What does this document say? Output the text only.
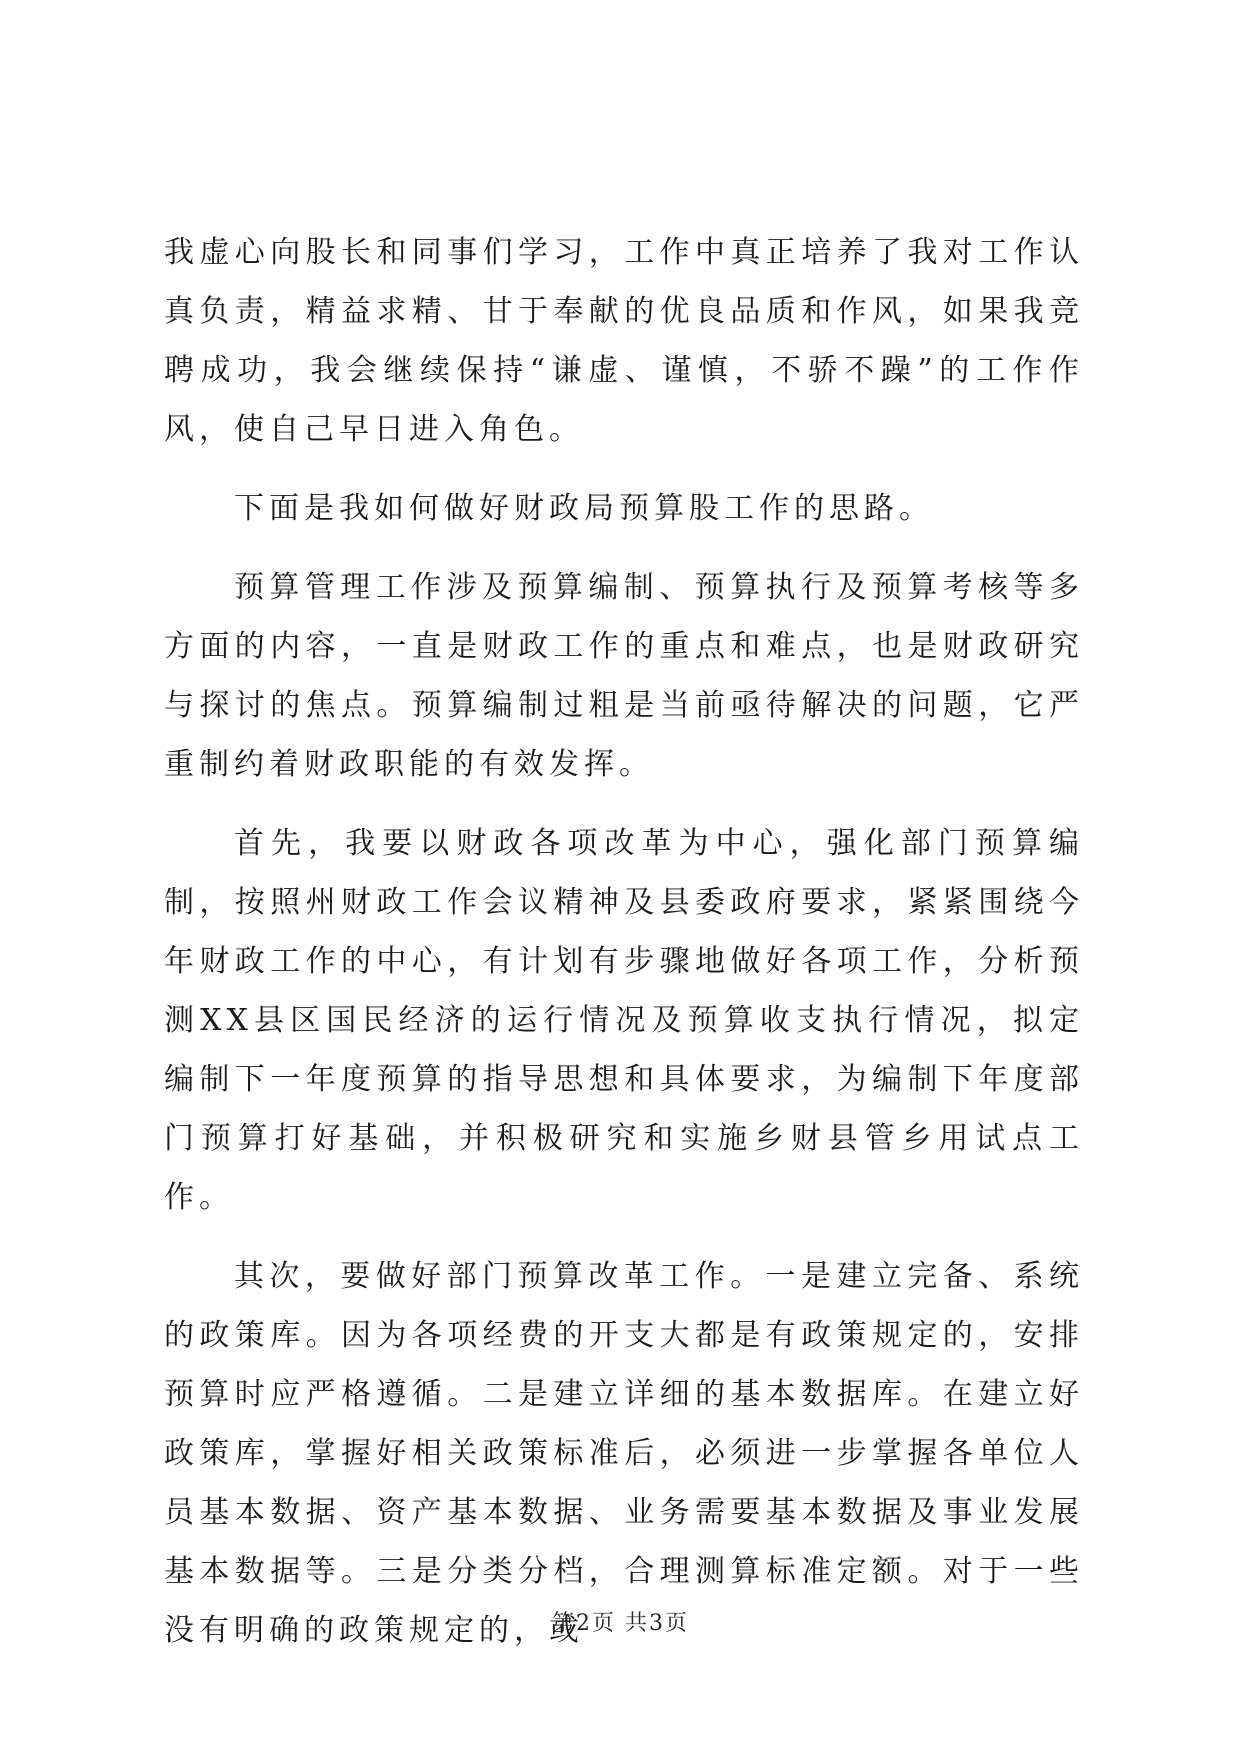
我虚心向股长和同事们学习，工作中真正培养了我对工作认真负责，精益求精、甘于奉献的优良品质和作风，如果我竞聘成功，我会继续保持“谦虚、谨慎，不骄不躁”的工作作风，使自己早日进入角色。

下面是我如何做好财政局预算股工作的思路。

预算管理工作涉及预算编制、预算执行及预算考核等多方面的内容，一直是财政工作的重点和难点，也是财政研究与探讨的焦点。预算编制过粗是当前亟待解决的问题，它严重制约着财政职能的有效发挥。

首先，我要以财政各项改革为中心，强化部门预算编制，按照州财政工作会议精神及县委政府要求，紧紧围绕今年财政工作的中心，有计划有步骤地做好各项工作，分析预测XX县区国民经济的运行情况及预算收支执行情况，拟定编制下一年度预算的指导思想和具体要求，为编制下年度部门预算打好基础，并积极研究和实施乡财县管乡用试点工作。

其次，要做好部门预算改革工作。一是建立完备、系统的政策库。因为各项经费的开支大都是有政策规定的，安排预算时应严格遵循。二是建立详细的基本数据库。在建立好政策库，掌握好相关政策标准后，必须进一步掌握各单位人员基本数据、资产基本数据、业务需要基本数据及事业发展基本数据等。三是分类分档，合理测算标准定额。对于一些没有明确的政策规定的，或

第2页 共3页
